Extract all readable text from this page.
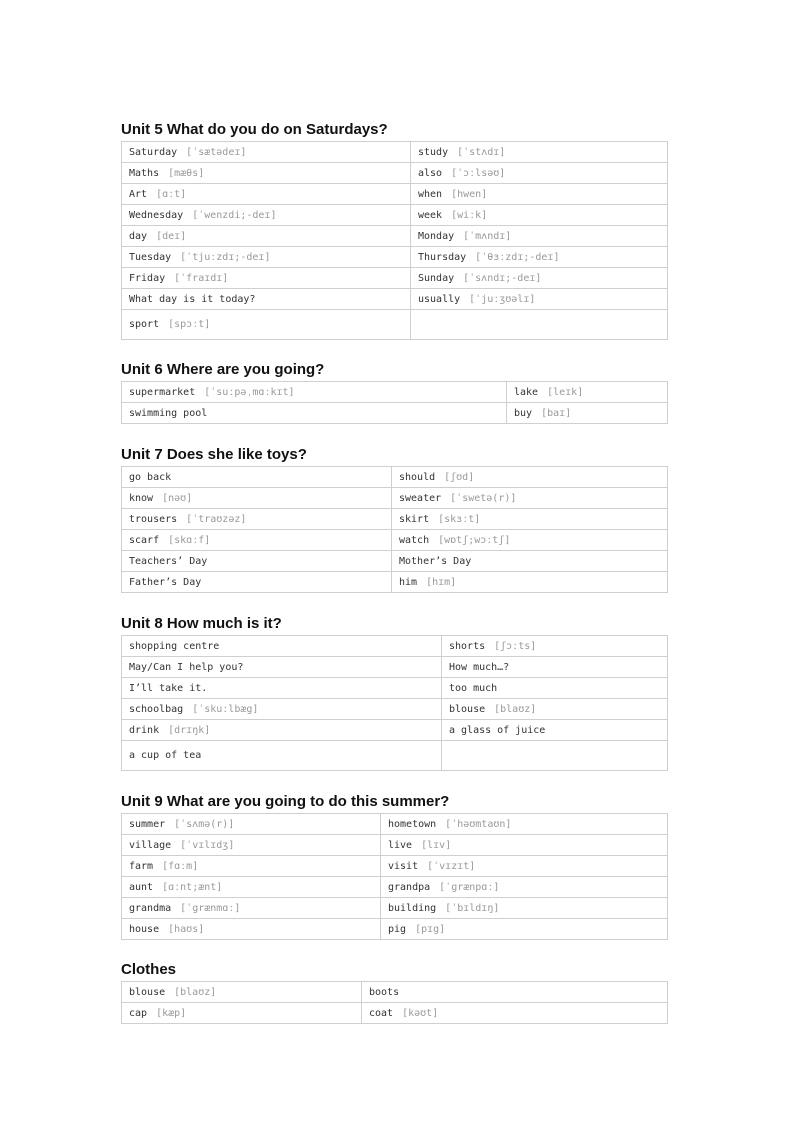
Unit 5 What do you do on Saturdays?
Saturday [ˈsætədeɪ]	study [ˈstʌdɪ]
Maths [mæθs]	also [ˈɔːlsəʊ]
Art [ɑːt]	when [hwen]
Wednesday [ˈwenzdi;-deɪ]	week [wiːk]
day [deɪ]	Monday [ˈmʌndɪ]
Tuesday [ˈtjuːzdɪ;-deɪ]	Thursday [ˈθɜːzdɪ;-deɪ]
Friday [ˈfraɪdɪ]	Sunday [ˈsʌndɪ;-deɪ]
What day is it today?	usually [ˈjuːʒʊəlɪ]
sport [spɔːt]	
Unit 6 Where are you going?
supermarket [ˈsuːpəˌmɑːkɪt]	lake [leɪk]
swimming pool	buy [baɪ]
Unit 7 Does she like toys?
go back	should [ʃʊd]
know [nəʊ]	sweater [ˈswetə(r)]
trousers [ˈtraʊzəz]	skirt [skɜːt]
scarf [skɑːf]	watch [wɒtʃ;wɔːtʃ]
Teachers’ Day	Mother’s Day
Father’s Day	him [hɪm]
Unit 8 How much is it?
shopping centre	shorts [ʃɔːts]
May/Can I help you?	How much…?
I’ll take it.	too much
schoolbag [ˈskuːlbæg]	blouse [blaʊz]
drink [drɪŋk]	a glass of juice
a cup of tea	
Unit 9 What are you going to do this summer?
summer [ˈsʌmə(r)]	hometown [ˈhəʊmtaʊn]
village [ˈvɪlɪdʒ]	live [lɪv]
farm [fɑːm]	visit [ˈvɪzɪt]
aunt [ɑːnt;ænt]	grandpa [ˈgrænpɑː]
grandma [ˈgrænmɑː]	building [ˈbɪldɪŋ]
house [haʊs]	pig [pɪg]
Clothes
blouse [blaʊz]	boots
cap [kæp]	coat [kəʊt]
